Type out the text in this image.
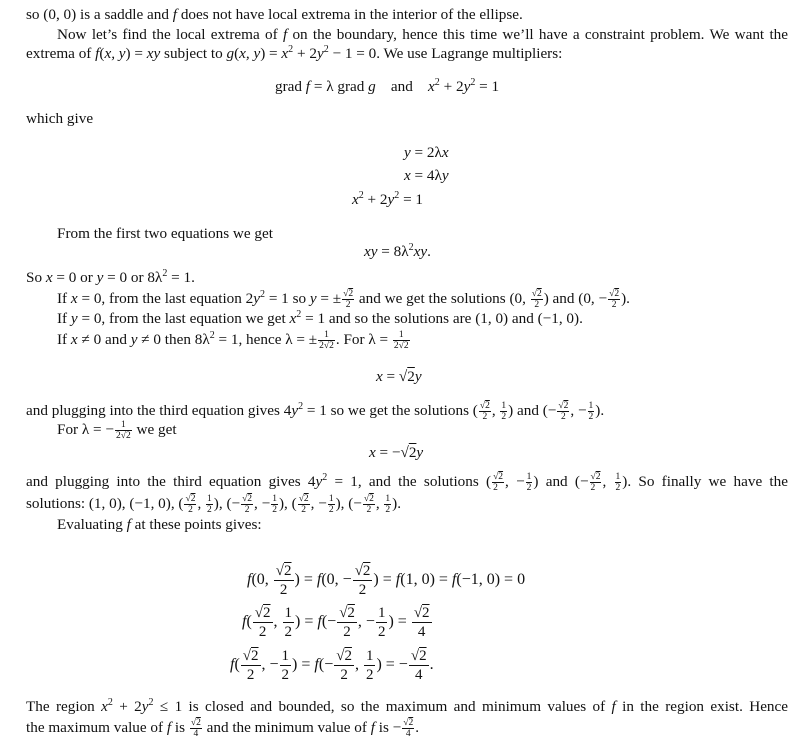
so (0, 0) is a saddle and f does not have local extrema in the interior of the ellipse.
Now let’s find the local extrema of f on the boundary, hence this time we’ll have a constraint problem. We want the
extrema of f(x, y) = xy subject to g(x, $y) = x^2 + 2y^2 - 1 = 0$. We use Lagrange multipliers:
grad f = λ grad g    and    $x^2 + 2y^2 = 1$
which give
y = 2λx
x = 4λy
$x^2 + 2y^2 = 1$
From the first two equations we get
xy = $8\lambda^2xy$.
So x = 0 or y = 0 or $8\lambda^2 = 1$.
If x = 0, from the last equation $2y^2 = 1$ so y = ± $\frac{√2}{2}$ and we get the solutions (0, $\frac{√2}{2}$ ) and (0, − $\frac{√2}{2}$ ).
If y = 0, from the last equation we get $x^2 = 1$ and so the solutions are (1, 0) and (−1, 0).
If x ≠ 0 and y ≠ 0 then $8\lambda^2 = 1$, hence λ = ± $\frac{1}{2√2}$ . For $\lambda = \frac{1}{2√2}$
x = √2y
and plugging into the third equation gives $4y^2 = 1$ so we get the solutions ( $\frac{√2}{2}$ , $\frac{1}{2}$ ) and (− $\frac{√2}{2}$ , − $\frac{1}{2}$ ).
For λ = − $\frac{1}{2√2}$ we get
x = −√2y
and plugging into the third equation gives $4y^2 = 1$, and the solutions ( $\frac{√2}{2}$ , − $\frac{1}{2}$ ) and (− $\frac{√2}{2}$ , $\frac{1}{2}$ ). So finally we have the
solutions: (1, 0), (−1, 0), ( $\frac{√2}{2}$ , $\frac{1}{2}$ ), (− $\frac{√2}{2}$ , − $\frac{1}{2}$ ), ( $\frac{√2}{2}$ , − $\frac{1}{2}$ ), (− $\frac{√2}{2}$ , $\frac{1}{2}$ ).
Evaluating f at these points gives:
f(0, $\frac{√2}{2}$ ) = f(0, − $\frac{√2}{2}$ ) = f(1, 0) = f(−1, 0) = 0
$f( \frac{√2}{2}$ , $\frac{1}{2}$ ) = $f(- \frac{√2}{2}$ , − $\frac{1}{2}$ ) = $\frac{√2}{4}$
$f( \frac{√2}{2}$ , − $\frac{1}{2}$ ) = $f(- \frac{√2}{2}$ , $\frac{1}{2}$ ) = − $\frac{√2}{4}$ .
The region $x^2 + 2y^2 \le 1$ is closed and bounded, so the maximum and minimum values of f in the region exist. Hence
the maximum value of f is $\frac{√2}{4}$ and the minimum value of f is − $\frac{√2}{4}$ .
